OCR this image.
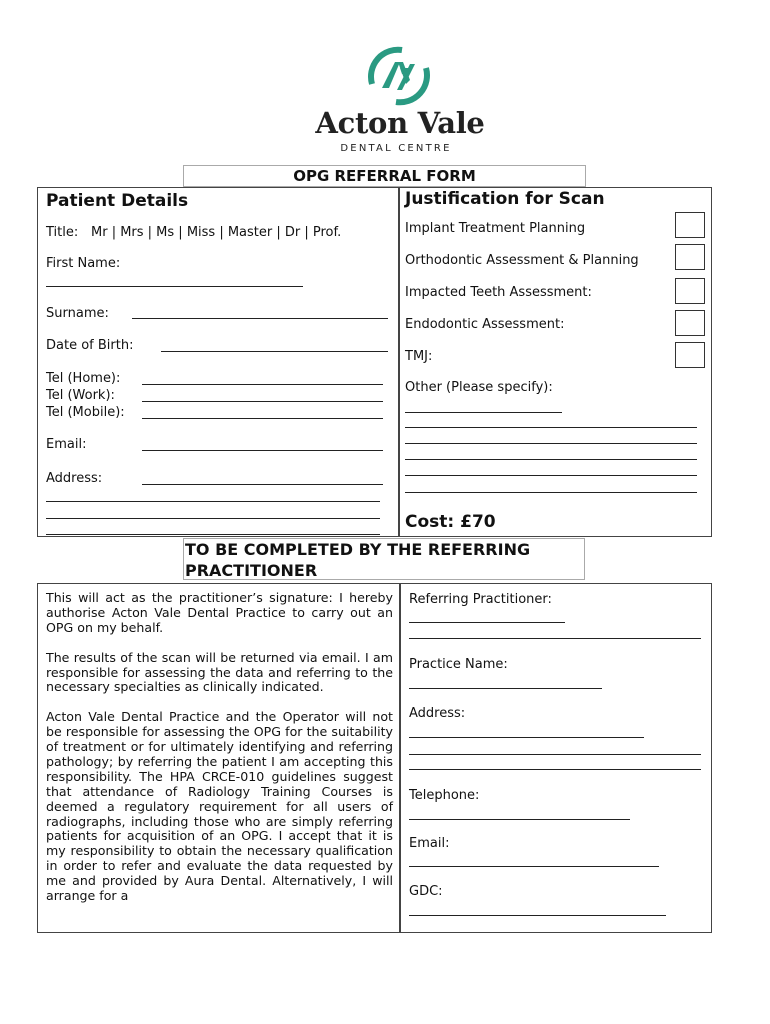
Acton Vale
DENTAL CENTRE
OPG REFERRAL FORM
Patient Details
Title: Mr | Mrs | Ms | Miss | Master | Dr | Prof.
First Name:
Surname:
Date of Birth:
Tel (Home):
Tel (Work):
Tel (Mobile):
Email:
Address:
Justification for Scan
Implant Treatment Planning
Orthodontic Assessment & Planning
Impacted Teeth Assessment:
Endodontic Assessment:
TMJ:
Other (Please specify):
Cost: £70
TO BE COMPLETED BY THE REFERRING PRACTITIONER

This will act as the practitioner’s signature: I hereby authorise Acton Vale Dental Practice to carry out an OPG on my behalf.

The results of the scan will be returned via email. I am responsible for assessing the data and referring to the necessary specialties as clinically indicated.

Acton Vale Dental Practice and the Operator will not be responsible for assessing the OPG for the suitability of treatment or for ultimately identifying and referring pathology; by referring the patient I am accepting this responsibility. The HPA CRCE-010 guidelines suggest that attendance of Radiology Training Courses is deemed a regulatory requirement for all users of radiographs, including those who are simply referring patients for acquisition of an OPG. I accept that it is my responsibility to obtain the necessary qualification in order to refer and evaluate the data requested by me and provided by Aura Dental. Alternatively, I will arrange for a

Referring Practitioner:
Practice Name:
Address:
Telephone:
Email:
GDC:
